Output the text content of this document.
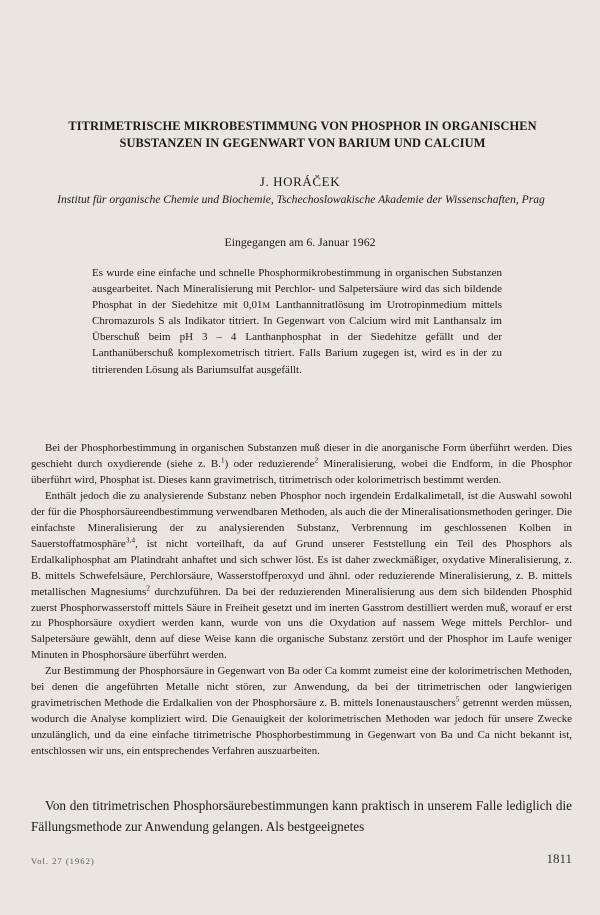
TITRIMETRISCHE MIKROBESTIMMUNG VON PHOSPHOR IN ORGANISCHEN SUBSTANZEN IN GEGENWART VON BARIUM UND CALCIUM
J. HORÁČEK
Institut für organische Chemie und Biochemie, Tschechoslowakische Akademie der Wissenschaften, Prag
Eingegangen am 6. Januar 1962
Es wurde eine einfache und schnelle Phosphormikrobestimmung in organischen Substanzen ausgearbeitet. Nach Mineralisierung mit Perchlor- und Salpetersäure wird das sich bildende Phosphat in der Siedehitze mit 0,01M Lanthannitratlösung im Urotropinmedium mittels Chromazurols S als Indikator titriert. In Gegenwart von Calcium wird mit Lanthansalz im Überschuß beim pH 3 – 4 Lanthanphosphat in der Siedehitze gefällt und der Lanthanüberschuß komplexometrisch titriert. Falls Barium zugegen ist, wird es in der zu titrierenden Lösung als Bariumsulfat ausgefällt.

Bei der Phosphorbestimmung in organischen Substanzen muß dieser in die anorganische Form überführt werden. Dies geschieht durch oxydierende (siehe z. B.$^1$) oder reduzierende$^2$ Mineralisierung, wobei die Endform, in die Phosphor überführt wird, Phosphat ist. Dieses kann gravimetrisch, titrimetrisch oder kolorimetrisch bestimmt werden.

Enthält jedoch die zu analysierende Substanz neben Phosphor noch irgendein Erdalkalimetall, ist die Auswahl sowohl der für die Phosphorsäureendbestimmung verwendbaren Methoden, als auch die der Mineralisationsmethoden geringer. Die einfachste Mineralisierung der zu analysierenden Substanz, Verbrennung im geschlossenen Kolben in Sauerstoffatmosphäre$^{3,4}$, ist nicht vorteilhaft, da auf Grund unserer Feststellung ein Teil des Phosphors als Erdalkaliphosphat am Platindraht anhaftet und sich schwer löst. Es ist daher zweckmäßiger, oxydative Mineralisierung, z. B. mittels Schwefelsäure, Perchlorsäure, Wasserstoffperoxyd und ähnl. oder reduzierende Mineralisierung, z. B. mittels metallischen Magnesiums$^2$ durchzuführen. Da bei der reduzierenden Mineralisierung aus dem sich bildenden Phosphid zuerst Phosphorwasserstoff mittels Säure in Freiheit gesetzt und im inerten Gasstrom destilliert werden muß, worauf er erst zu Phosphorsäure oxydiert werden kann, wurde von uns die Oxydation auf nassem Wege mittels Perchlor- und Salpetersäure gewählt, denn auf diese Weise kann die organische Substanz zerstört und der Phosphor im Laufe weniger Minuten in Phosphorsäure überführt werden.

Zur Bestimmung der Phosphorsäure in Gegenwart von Ba oder Ca kommt zumeist eine der kolorimetrischen Methoden, bei denen die angeführten Metalle nicht stören, zur Anwendung, da bei der titrimetrischen oder langwierigen gravimetrischen Methode die Erdalkalien von der Phosphorsäure z. B. mittels Ionenaustauschers$^5$ getrennt werden müssen, wodurch die Analyse kompliziert wird. Die Genauigkeit der kolorimetrischen Methoden war jedoch für unsere Zwecke unzulänglich, und da eine einfache titrimetrische Phosphorbestimmung in Gegenwart von Ba und Ca nicht bekannt ist, entschlossen wir uns, ein entsprechendes Verfahren auszuarbeiten.

Von den titrimetrischen Phosphorsäurebestimmungen kann praktisch in unserem Falle lediglich die Fällungsmethode zur Anwendung gelangen. Als bestgeeignetes

Vol. 27 (1962)	1811
